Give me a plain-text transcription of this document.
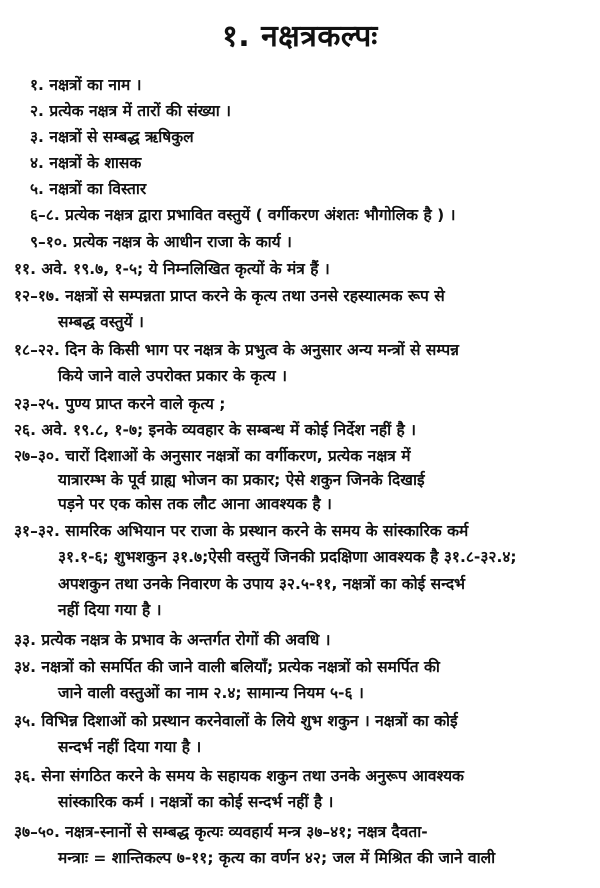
१. नक्षत्रकल्पः
१. नक्षत्रों का नाम ।
२. प्रत्येक नक्षत्र में तारों की संख्या ।
३. नक्षत्रों से सम्बद्ध ऋषिकुल
४. नक्षत्रों के शासक
५. नक्षत्रों का विस्तार
६–८. प्रत्येक नक्षत्र द्वारा प्रभावित वस्तुयें ( वर्गीकरण अंशतः भौगोलिक है ) ।
९–१०. प्रत्येक नक्षत्र के आधीन राजा के कार्य ।
११. अवे. १९.७, १-५; ये निम्नलिखित कृत्यों के मंत्र हैं ।
१२–१७. नक्षत्रों से सम्पन्नता प्राप्त करने के कृत्य तथा उनसे रहस्यात्मक रूप से
सम्बद्ध वस्तुयें ।
१८–२२. दिन के किसी भाग पर नक्षत्र के प्रभुत्व के अनुसार अन्य मन्त्रों से सम्पन्न
किये जाने वाले उपरोक्त प्रकार के कृत्य ।
२३–२५. पुण्य प्राप्त करने वाले कृत्य ;
२६. अवे. १९.८, १-७; इनके व्यवहार के सम्बन्ध में कोई निर्देश नहीं है ।
२७–३०. चारों दिशाओं के अनुसार नक्षत्रों का वर्गीकरण, प्रत्येक नक्षत्र में
यात्रारम्भ के पूर्व ग्राह्य भोजन का प्रकार; ऐसे शकुन जिनके दिखाई
पड़ने पर एक कोस तक लौट आना आवश्यक है ।
३१–३२. सामरिक अभियान पर राजा के प्रस्थान करने के समय के सांस्कारिक कर्म
३१.१-६; शुभशकुन ३१.७;ऐसी वस्तुयें जिनकी प्रदक्षिणा आवश्यक है ३१.८-३२.४;
अपशकुन तथा उनके निवारण के उपाय ३२.५-११, नक्षत्रों का कोई सन्दर्भ
नहीं दिया गया है ।
३३. प्रत्येक नक्षत्र के प्रभाव के अन्तर्गत रोगों की अवधि ।
३४. नक्षत्रों को समर्पित की जाने वाली बलियाँ; प्रत्येक नक्षत्रों को समर्पित की
जाने वाली वस्तुओं का नाम २.४; सामान्य नियम ५-६ ।
३५. विभिन्न दिशाओं को प्रस्थान करनेवालों के लिये शुभ शकुन । नक्षत्रों का कोई
सन्दर्भ नहीं दिया गया है ।
३६. सेना संगठित करने के समय के सहायक शकुन तथा उनके अनुरूप आवश्यक
सांस्कारिक कर्म । नक्षत्रों का कोई सन्दर्भ नहीं है ।
३७–५०. नक्षत्र-स्नानों से सम्बद्ध कृत्यः व्यवहार्य मन्त्र ३७–४१; नक्षत्र दैवता-
मन्त्राः = शान्तिकल्प ७-११; कृत्य का वर्णन ४२; जल में मिश्रित की जाने वाली
